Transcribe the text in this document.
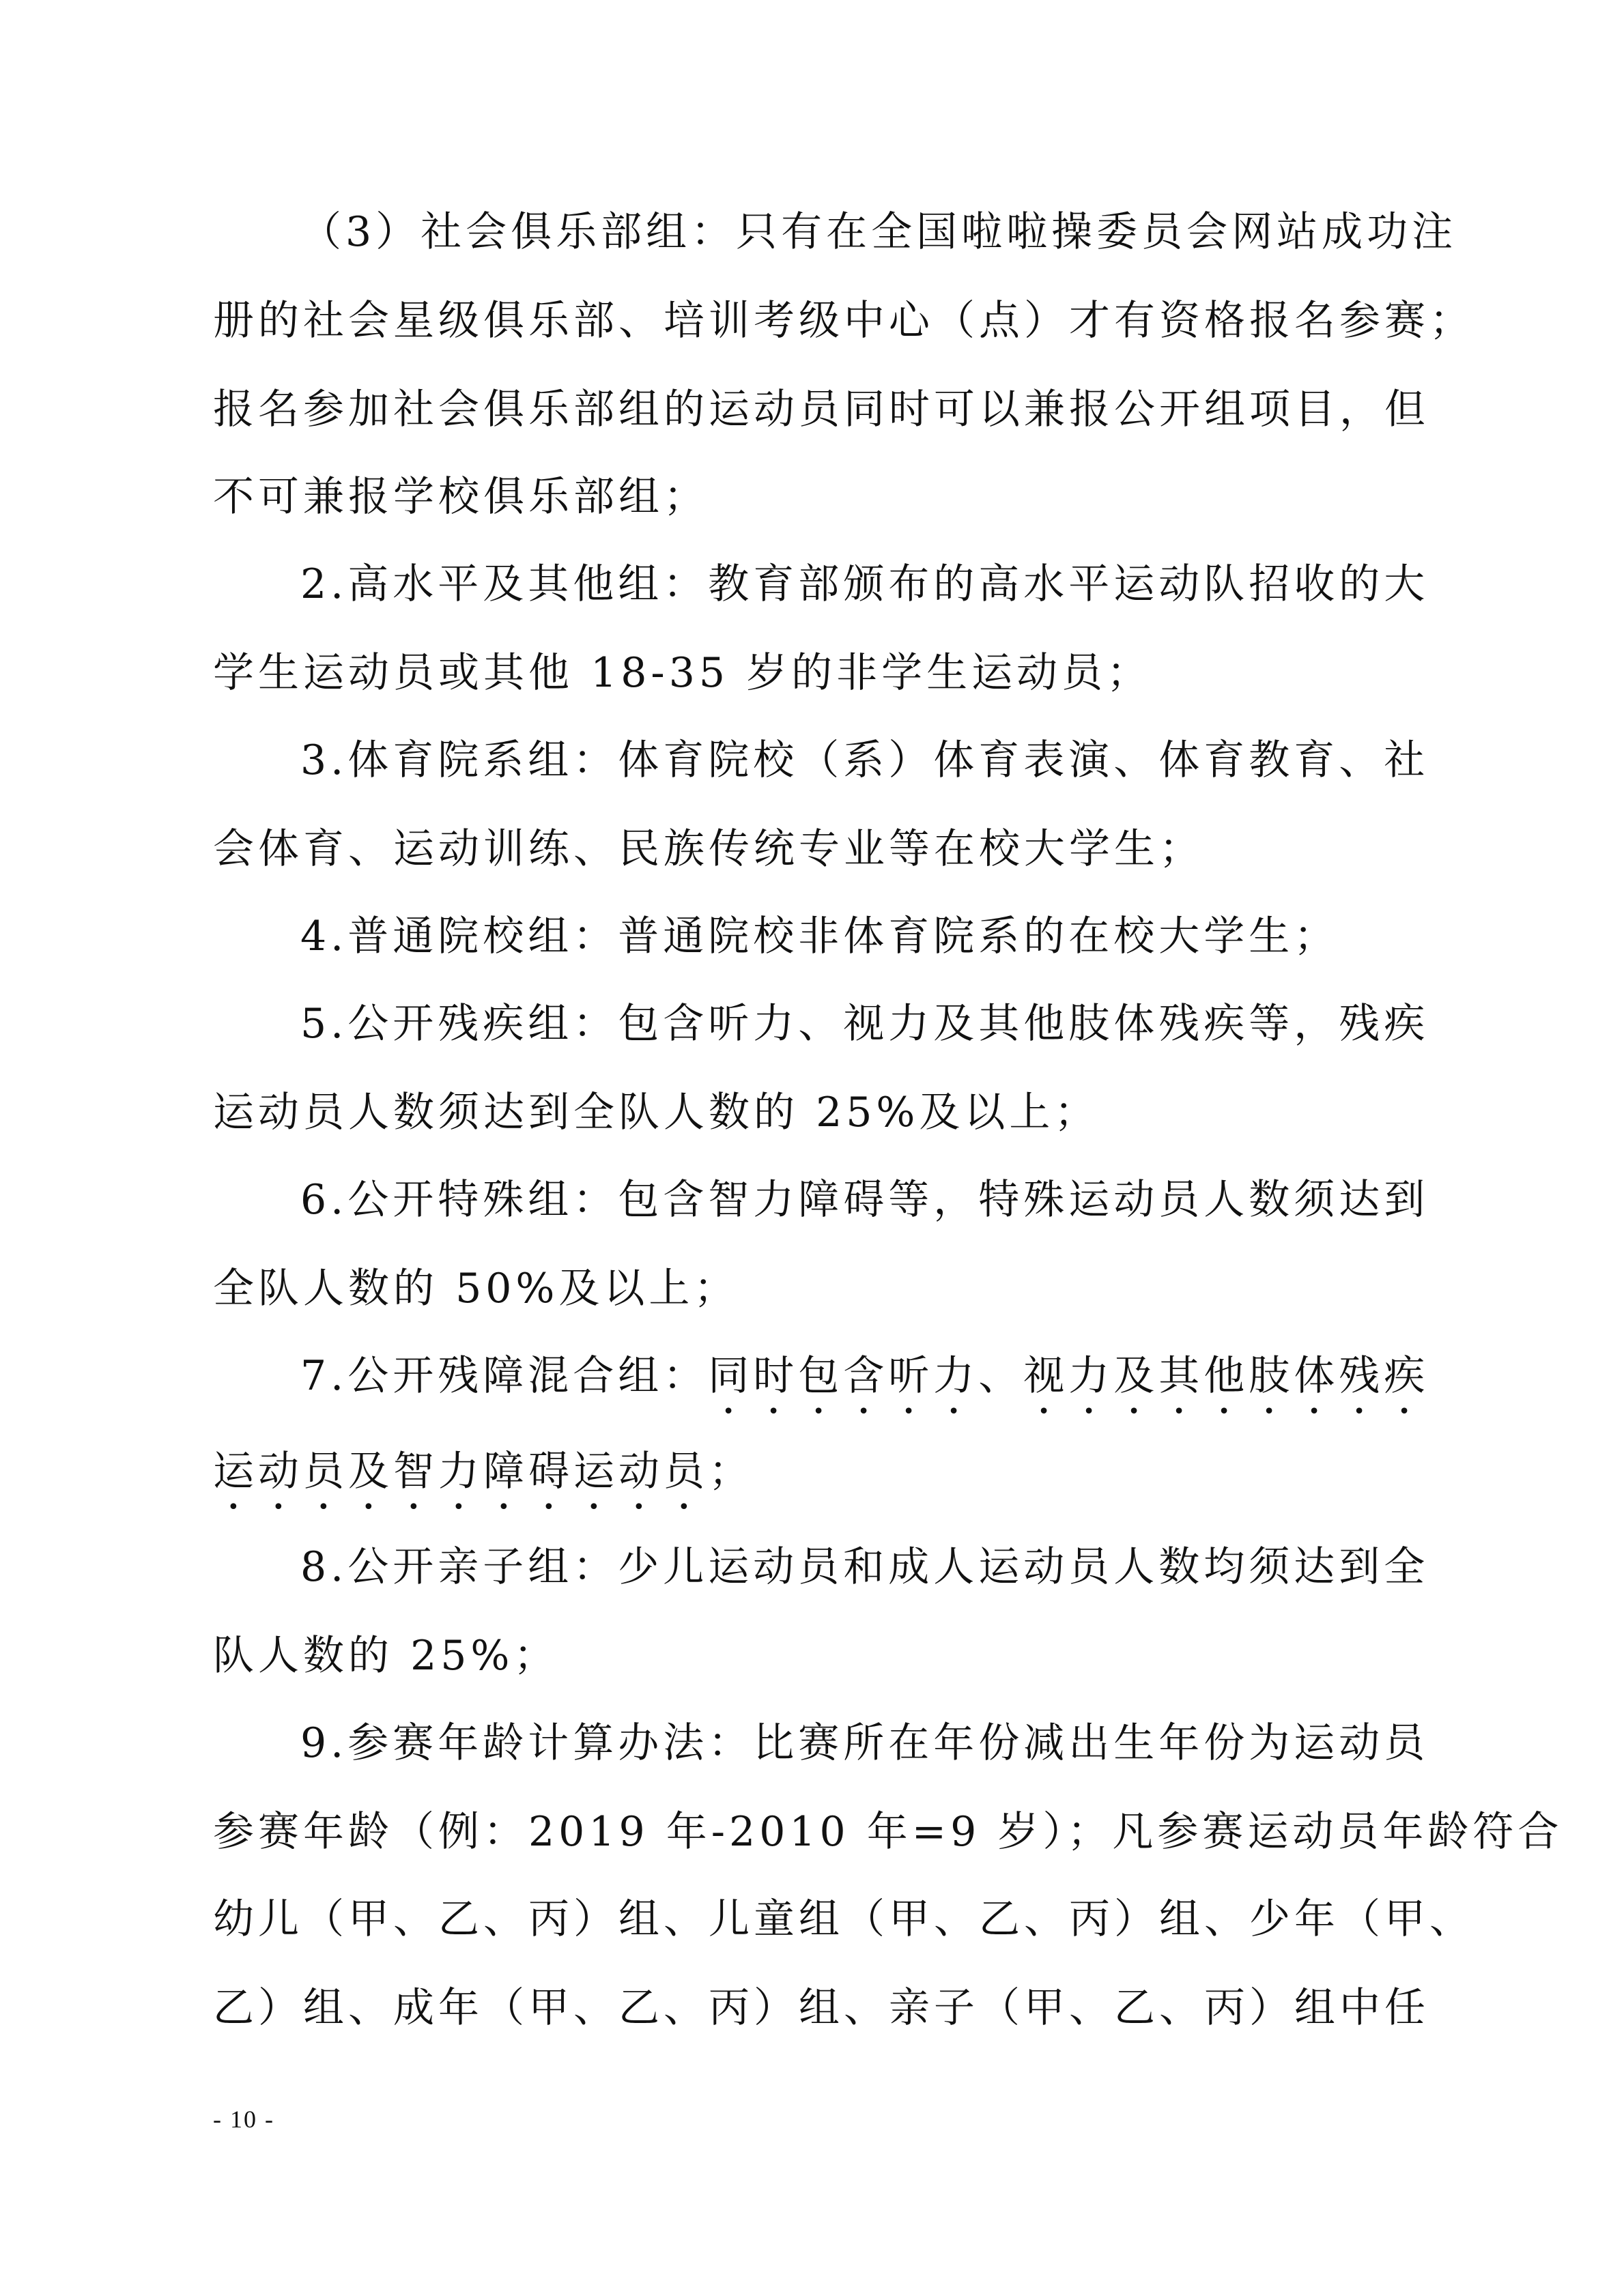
（3）社会俱乐部组：只有在全国啦啦操委员会网站成功注
册的社会星级俱乐部、培训考级中心（点）才有资格报名参赛；
报名参加社会俱乐部组的运动员同时可以兼报公开组项目，但
不可兼报学校俱乐部组；
2.高水平及其他组：教育部颁布的高水平运动队招收的大
学生运动员或其他 18-35 岁的非学生运动员；
3.体育院系组：体育院校（系）体育表演、体育教育、社
会体育、运动训练、民族传统专业等在校大学生；
4.普通院校组：普通院校非体育院系的在校大学生；
5.公开残疾组：包含听力、视力及其他肢体残疾等，残疾
运动员人数须达到全队人数的 25%及以上；
6.公开特殊组：包含智力障碍等，特殊运动员人数须达到
全队人数的 50%及以上；
7.公开残障混合组：同时包含听力、视力及其他肢体残疾
运动员及智力障碍运动员；
8.公开亲子组：少儿运动员和成人运动员人数均须达到全
队人数的 25%；
9.参赛年龄计算办法：比赛所在年份减出生年份为运动员
参赛年龄（例：2019 年-2010 年=9 岁）；凡参赛运动员年龄符合
幼儿（甲、乙、丙）组、儿童组（甲、乙、丙）组、少年（甲、
乙）组、成年（甲、乙、丙）组、亲子（甲、乙、丙）组中任
- 10 -
